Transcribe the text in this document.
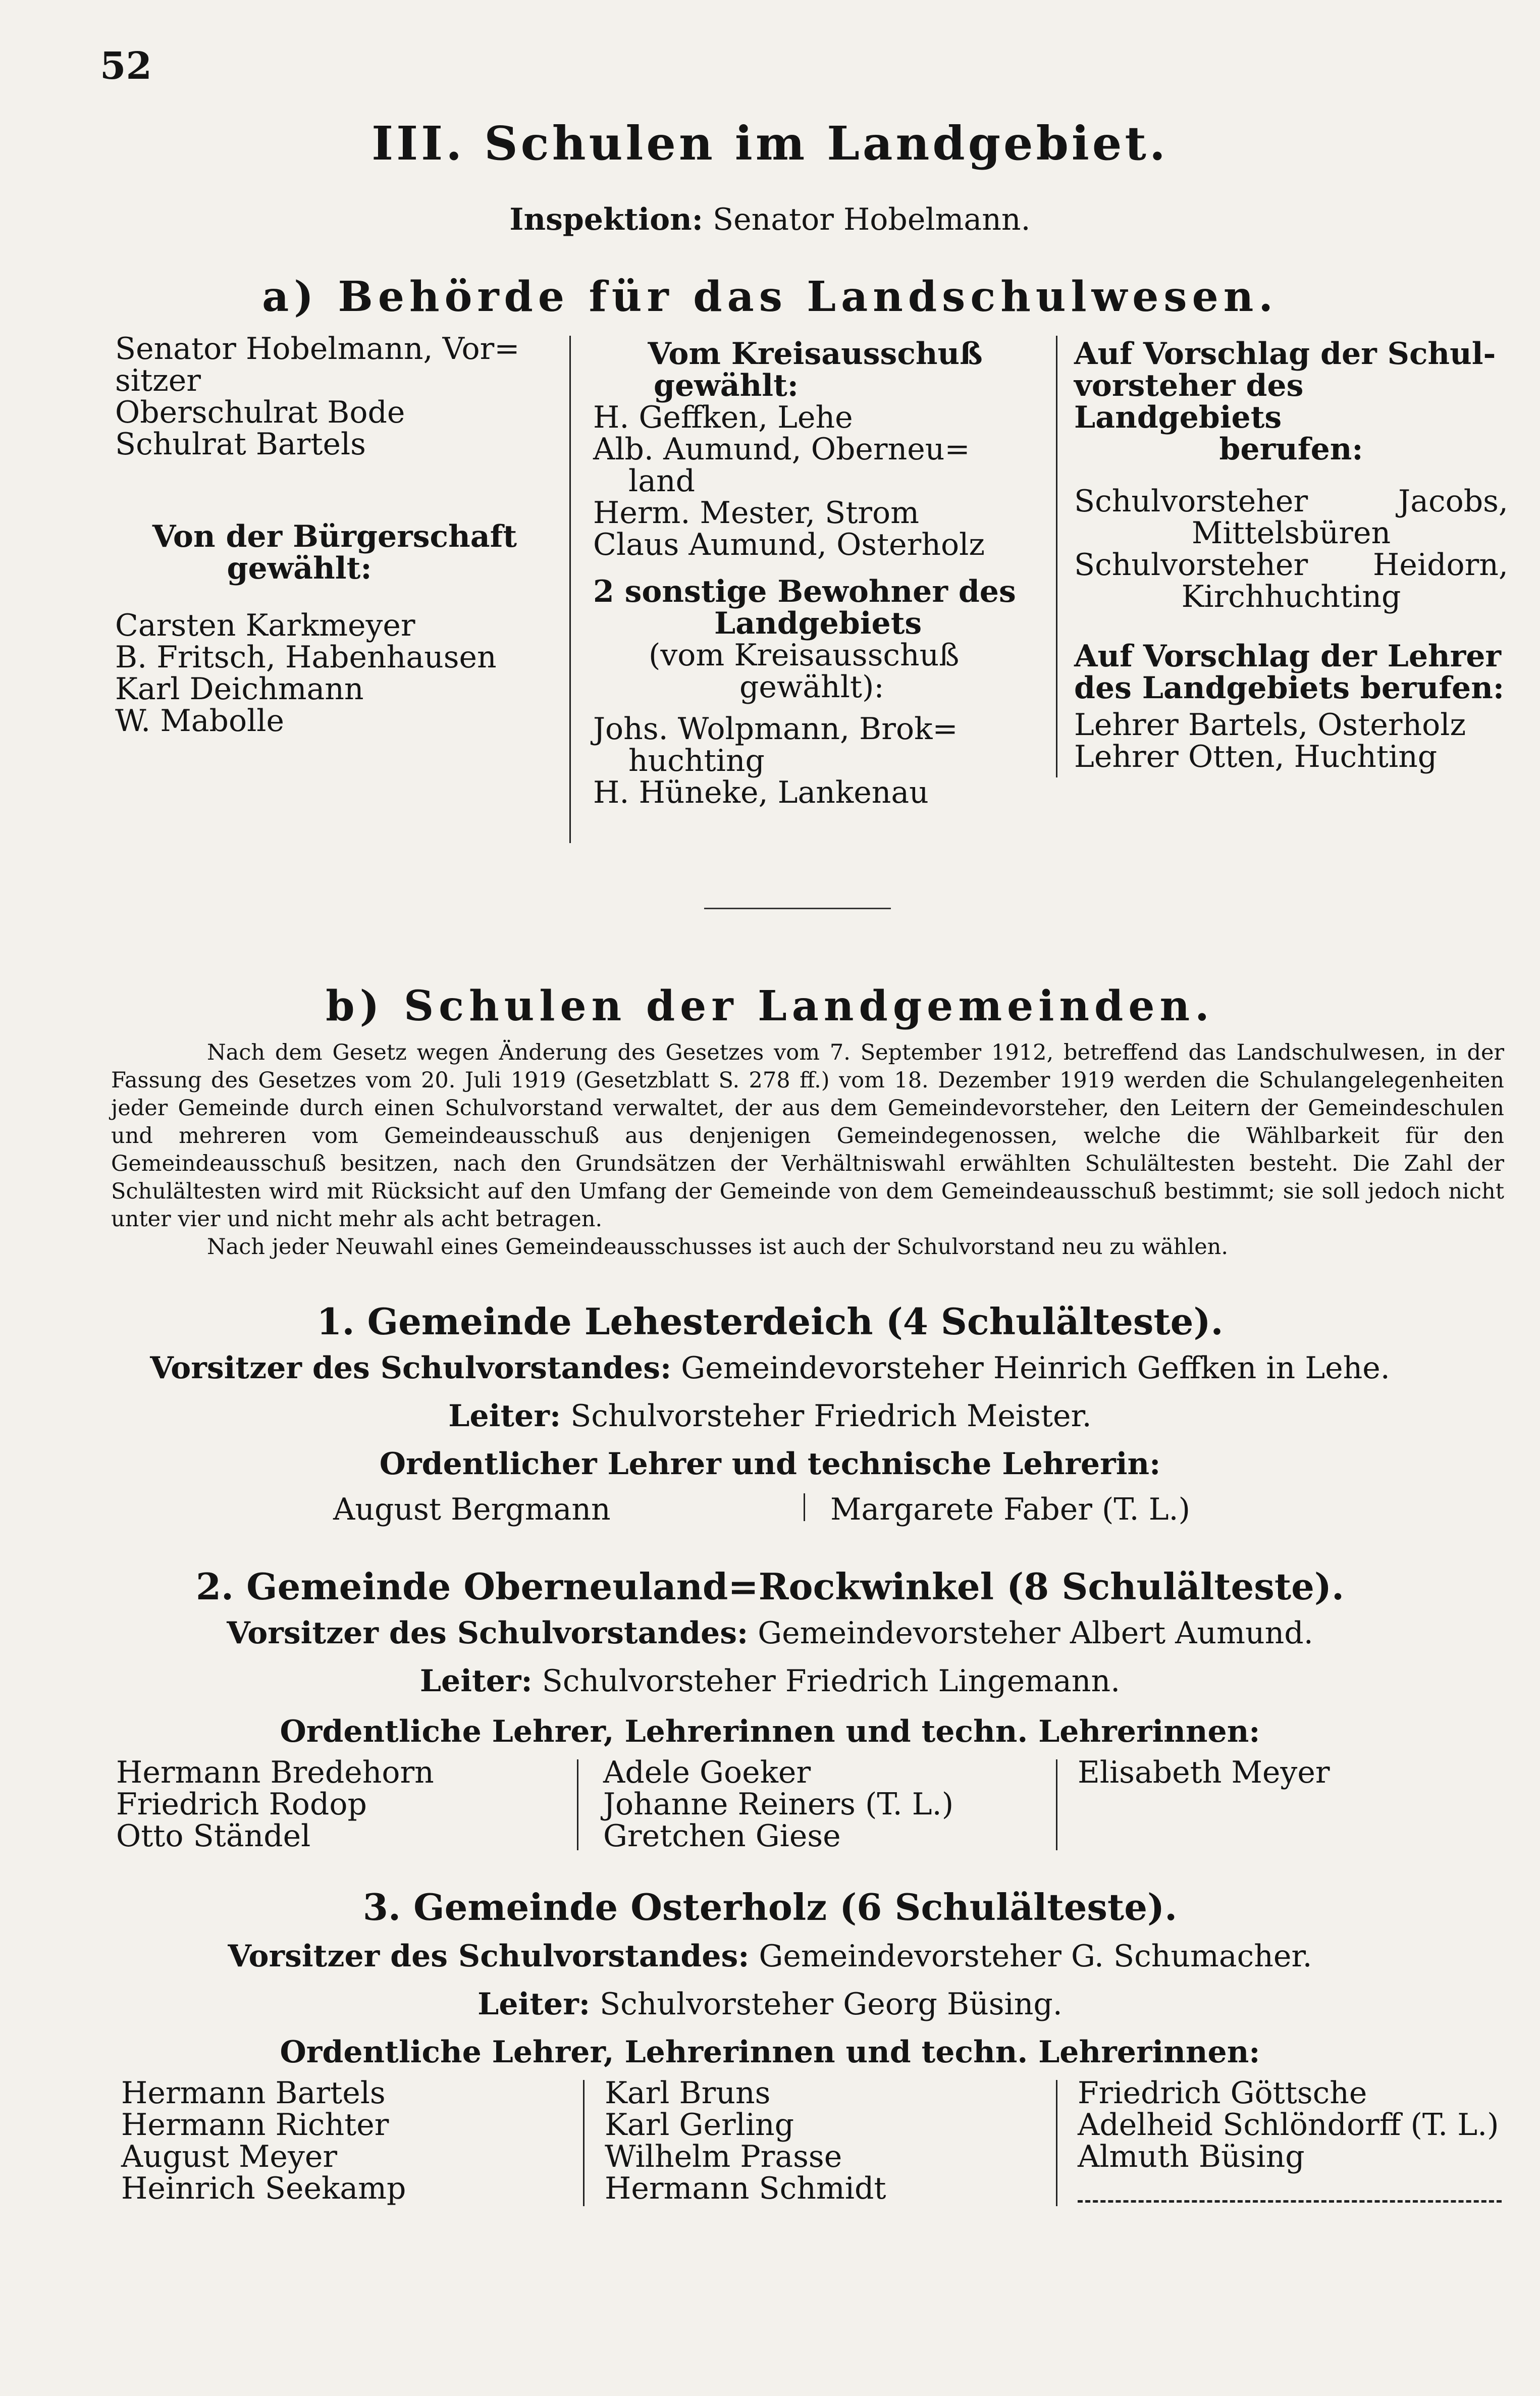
52
III. Schulen im Landgebiet.
Inspektion: Senator Hobelmann.
a) Behörde für das Landschulwesen.
Senator Hobelmann, Vor=
sitzer
Oberschulrat Bode
Schulrat Bartels
Von der Bürgerschaft
gewählt:
Carsten Karkmeyer
B. Fritsch, Habenhausen
Karl Deichmann
W. Mabolle
Vom Kreisausschuß
gewählt:
H. Geffken, Lehe
Alb. Aumund, Oberneu=
land
Herm. Mester, Strom
Claus Aumund, Osterholz
2 sonstige Bewohner des
Landgebiets
(vom Kreisausschuß
gewählt):
Johs. Wolpmann, Brok=
huchting
H. Hüneke, Lankenau
Auf Vorschlag der Schul-
vorsteher des Landgebiets
berufen:
Schulvorsteher	Jacobs,
Mittelsbüren
Schulvorsteher Heidorn,
Kirchhuchting
Auf Vorschlag der Lehrer
des Landgebiets berufen:
Lehrer Bartels, Osterholz
Lehrer Otten, Huchting
b) Schulen der Landgemeinden.

Nach dem Gesetz wegen Änderung des Gesetzes vom 7. September 1912, betreffend das Landschulwesen, in der Fassung des Gesetzes vom 20. Juli 1919 (Gesetzblatt S. 278 ff.) vom 18. Dezember 1919 werden die Schulangelegenheiten jeder Gemeinde durch einen Schulvorstand verwaltet, der aus dem Gemeindevorsteher, den Leitern der Gemeindeschulen und mehreren vom Gemeindeausschuß aus denjenigen Gemeindegenossen, welche die Wählbarkeit für den Gemeindeausschuß besitzen, nach den Grundsätzen der Verhältniswahl erwählten Schulältesten besteht. Die Zahl der Schulältesten wird mit Rücksicht auf den Umfang der Gemeinde von dem Gemeindeausschuß bestimmt; sie soll jedoch nicht unter vier und nicht mehr als acht betragen.

Nach jeder Neuwahl eines Gemeindeausschusses ist auch der Schulvorstand neu zu wählen.

1. Gemeinde Lehesterdeich (4 Schulälteste).
Vorsitzer des Schulvorstandes: Gemeindevorsteher Heinrich Geffken in Lehe.
Leiter: Schulvorsteher Friedrich Meister.
Ordentlicher Lehrer und technische Lehrerin:
August Bergmann	Margarete Faber (T. L.)
2. Gemeinde Oberneuland=Rockwinkel (8 Schulälteste).
Vorsitzer des Schulvorstandes: Gemeindevorsteher Albert Aumund.
Leiter: Schulvorsteher Friedrich Lingemann.
Ordentliche Lehrer, Lehrerinnen und techn. Lehrerinnen:
Hermann Bredehorn
Friedrich Rodop
Otto Ständel
Adele Goeker
Johanne Reiners (T. L.)
Gretchen Giese
Elisabeth Meyer
3. Gemeinde Osterholz (6 Schulälteste).
Vorsitzer des Schulvorstandes: Gemeindevorsteher G. Schumacher.
Leiter: Schulvorsteher Georg Büsing.
Ordentliche Lehrer, Lehrerinnen und techn. Lehrerinnen:
Hermann Bartels
Hermann Richter
August Meyer
Heinrich Seekamp
Karl Bruns
Karl Gerling
Wilhelm Prasse
Hermann Schmidt
Friedrich Göttsche
Adelheid Schlöndorff (T. L.)
Almuth Büsing
